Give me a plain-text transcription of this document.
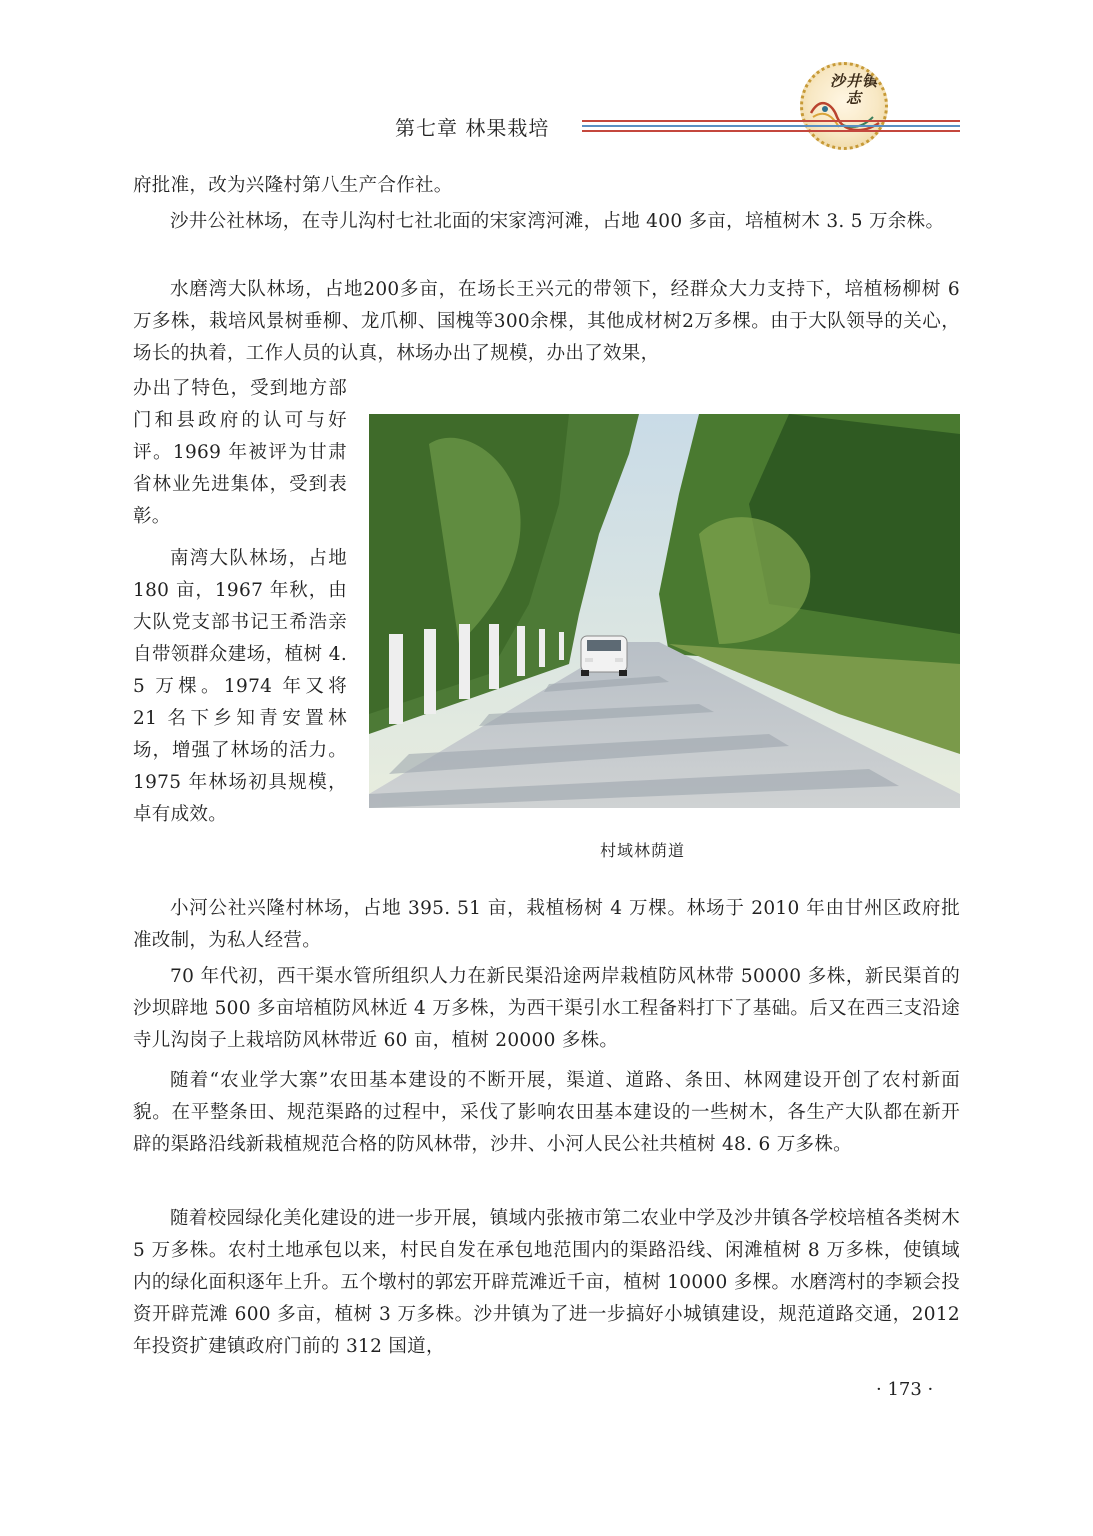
沙井镇志
第七章 林果栽培

府批准，改为兴隆村第八生产合作社。

沙井公社林场，在寺儿沟村七社北面的宋家湾河滩，占地 400 多亩，培植树木 3. 5 万余株。

水磨湾大队林场，占地200多亩，在场长王兴元的带领下，经群众大力支持下，培植杨柳树 6 万多株，栽培风景树垂柳、龙爪柳、国槐等300余棵，其他成材树2万多棵。由于大队领导的关心，场长的执着，工作人员的认真，林场办出了规模，办出了效果，

办出了特色，受到地方部门和县政府的认可与好评。1969 年被评为甘肃省林业先进集体，受到表彰。

南湾大队林场，占地 180 亩，1967 年秋，由大队党支部书记王希浩亲自带领群众建场，植树 4. 5 万棵。1974 年又将 21 名下乡知青安置林场，增强了林场的活力。1975 年林场初具规模，卓有成效。

村域林荫道

小河公社兴隆村林场，占地 395. 51 亩，栽植杨树 4 万棵。林场于 2010 年由甘州区政府批准改制，为私人经营。

70 年代初，西干渠水管所组织人力在新民渠沿途两岸栽植防风林带 50000 多株，新民渠首的沙坝辟地 500 多亩培植防风林近 4 万多株，为西干渠引水工程备料打下了基础。后又在西三支沿途寺儿沟岗子上栽培防风林带近 60 亩，植树 20000 多株。

随着“农业学大寨”农田基本建设的不断开展，渠道、道路、条田、林网建设开创了农村新面貌。在平整条田、规范渠路的过程中，采伐了影响农田基本建设的一些树木，各生产大队都在新开辟的渠路沿线新栽植规范合格的防风林带，沙井、小河人民公社共植树 48. 6 万多株。

随着校园绿化美化建设的进一步开展，镇域内张掖市第二农业中学及沙井镇各学校培植各类树木 5 万多株。农村土地承包以来，村民自发在承包地范围内的渠路沿线、闲滩植树 8 万多株，使镇域内的绿化面积逐年上升。五个墩村的郭宏开辟荒滩近千亩，植树 10000 多棵。水磨湾村的李颖会投资开辟荒滩 600 多亩，植树 3 万多株。沙井镇为了进一步搞好小城镇建设，规范道路交通，2012 年投资扩建镇政府门前的 312 国道，

· 173 ·
